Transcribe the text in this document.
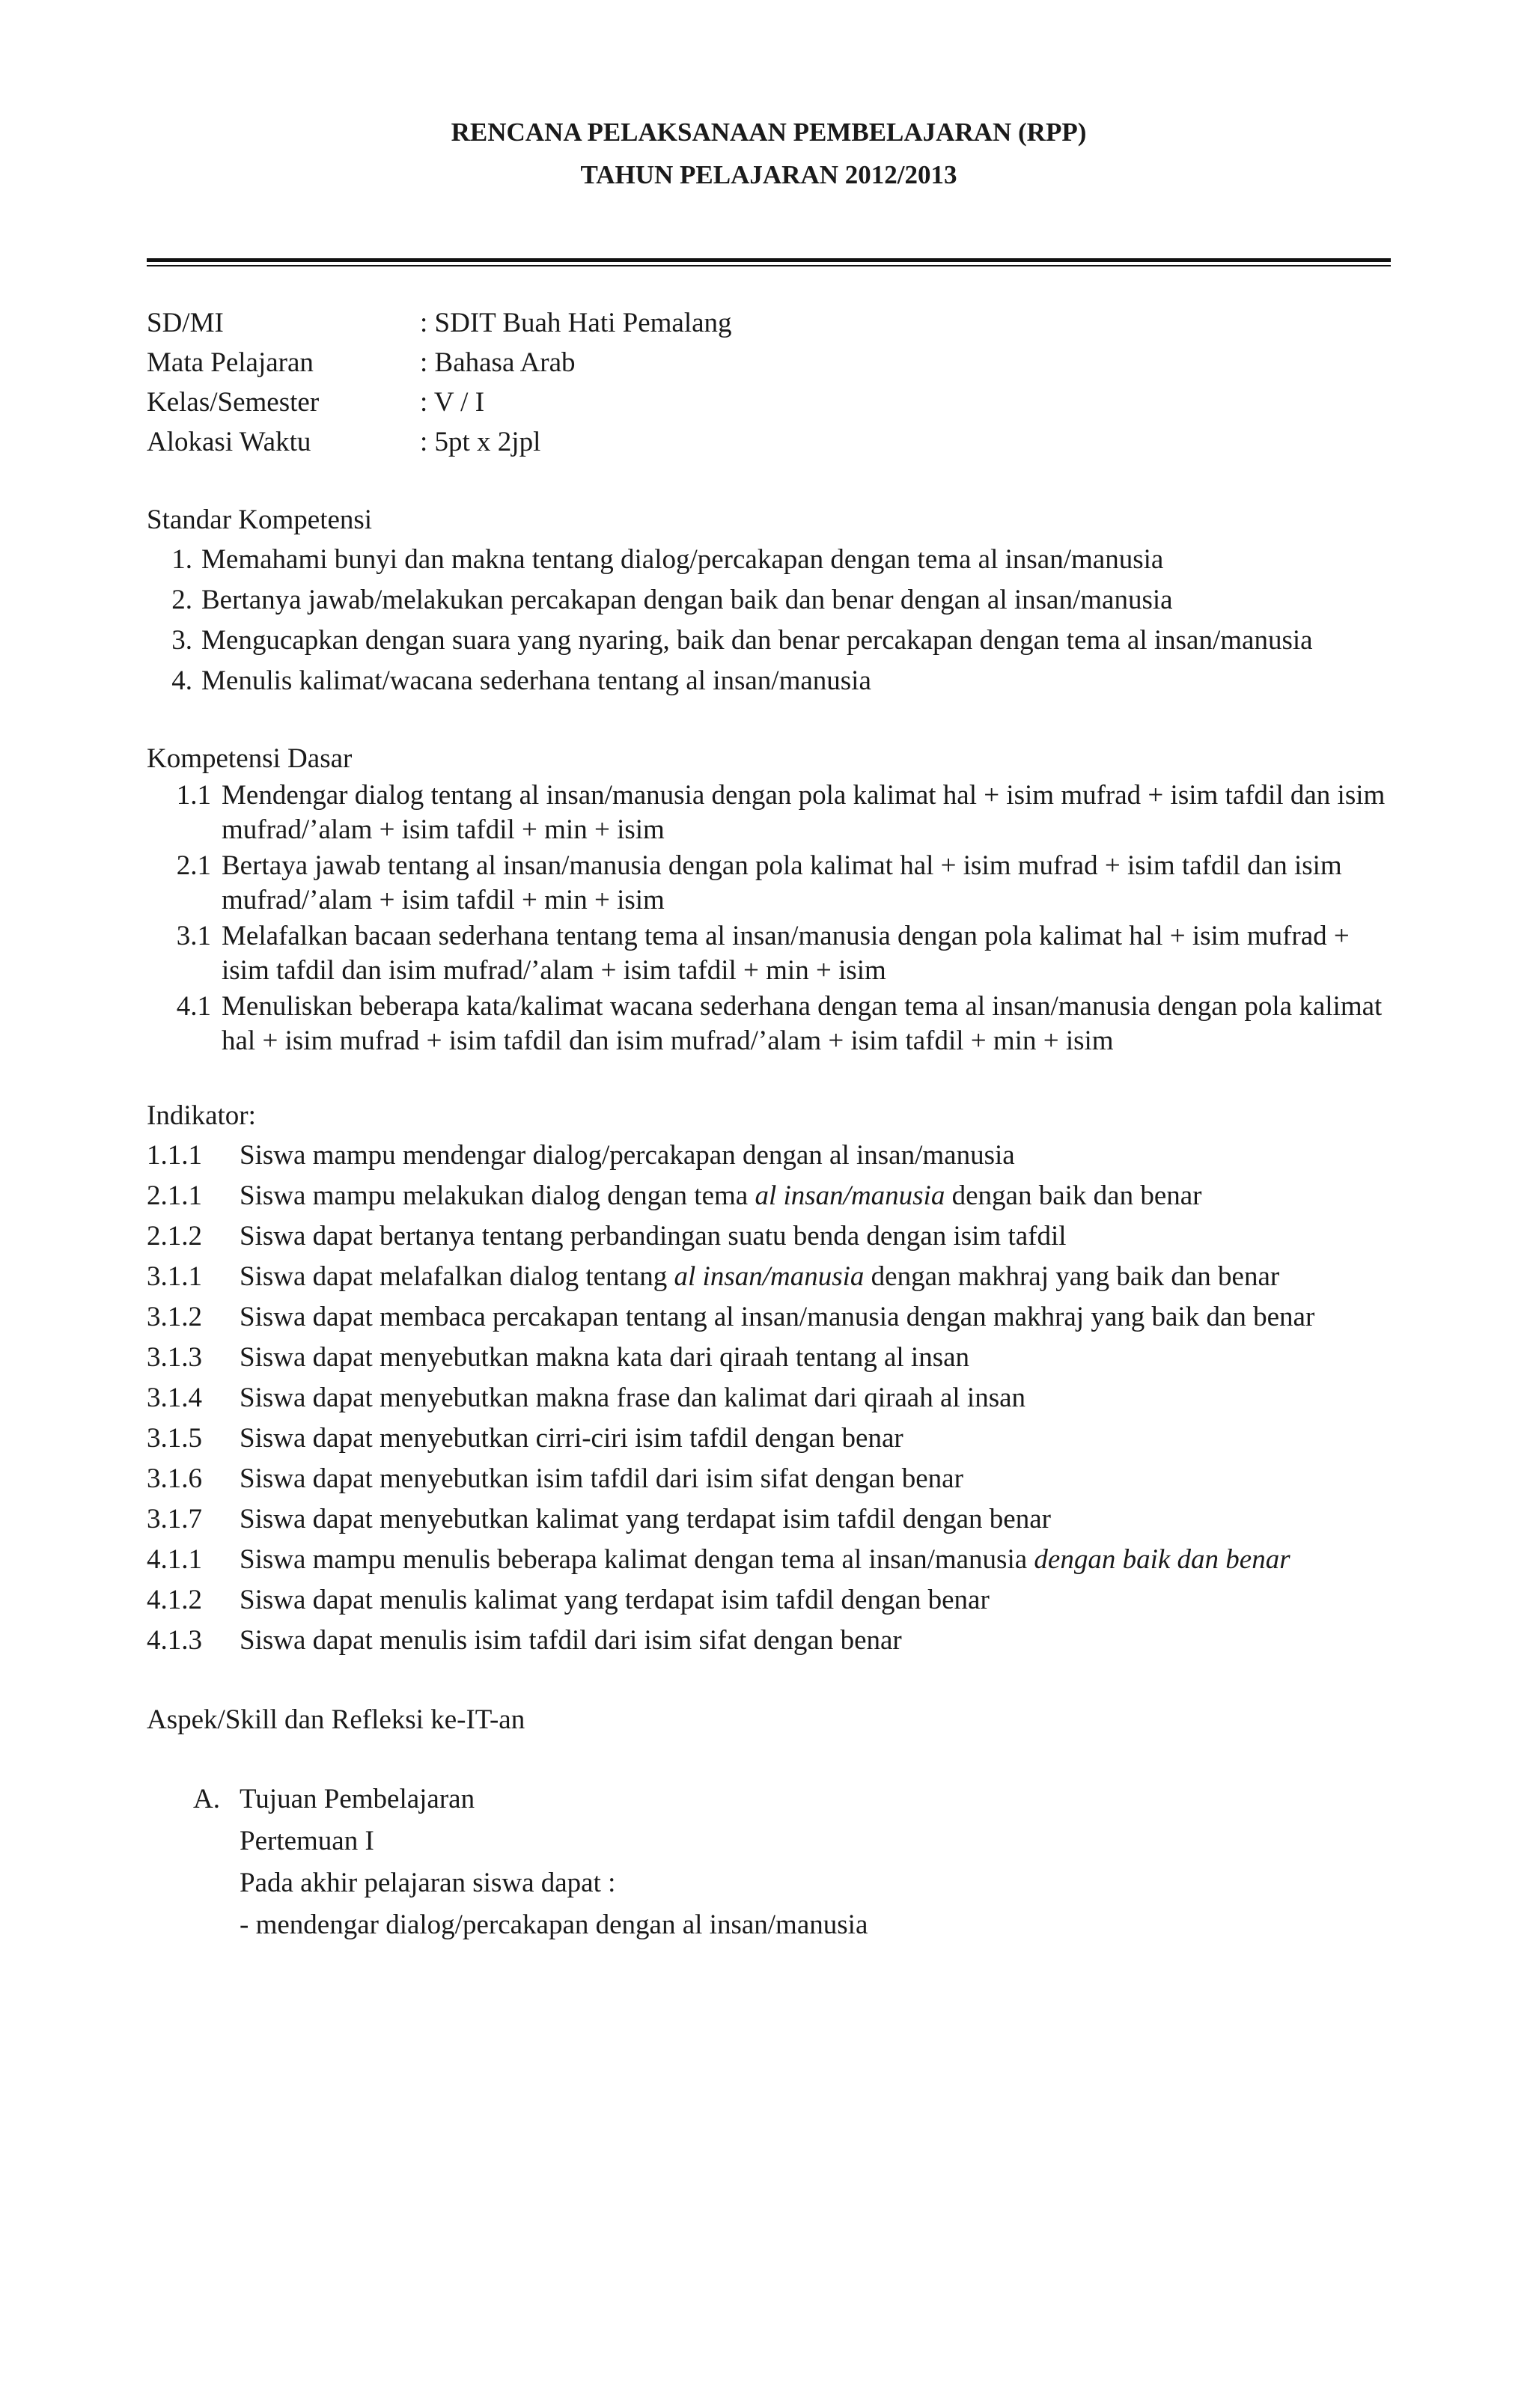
RENCANA PELAKSANAAN PEMBELAJARAN (RPP)

TAHUN PELAJARAN 2012/2013

SD/MI	: SDIT Buah Hati Pemalang
Mata Pelajaran	: Bahasa Arab
Kelas/Semester	: V / I
Alokasi Waktu	: 5pt x 2jpl
Standar Kompetensi
1. Memahami bunyi dan makna tentang dialog/percakapan dengan tema al insan/manusia
2. Bertanya jawab/melakukan percakapan dengan baik dan benar dengan al insan/manusia
3. Mengucapkan dengan suara yang nyaring, baik dan benar percakapan dengan tema al insan/manusia
4. Menulis kalimat/wacana sederhana tentang al insan/manusia
Kompetensi Dasar
1.1 Mendengar dialog tentang al insan/manusia dengan pola kalimat hal + isim mufrad + isim tafdil dan isim mufrad/’alam + isim tafdil + min + isim
2.1 Bertaya jawab tentang al insan/manusia dengan pola kalimat hal + isim mufrad + isim tafdil dan isim mufrad/’alam + isim tafdil + min + isim
3.1 Melafalkan bacaan sederhana tentang tema al insan/manusia dengan pola kalimat hal + isim mufrad + isim tafdil dan isim mufrad/’alam + isim tafdil + min + isim
4.1 Menuliskan beberapa kata/kalimat wacana sederhana dengan tema al insan/manusia dengan pola kalimat hal + isim mufrad + isim tafdil dan isim mufrad/’alam + isim tafdil + min + isim
Indikator:
1.1.1	Siswa mampu mendengar dialog/percakapan dengan al insan/manusia
2.1.1	Siswa mampu melakukan dialog dengan tema al insan/manusia dengan baik dan benar
2.1.2	Siswa dapat bertanya tentang perbandingan suatu benda dengan isim tafdil
3.1.1	Siswa dapat melafalkan dialog tentang al insan/manusia dengan makhraj yang baik dan benar
3.1.2	Siswa dapat membaca percakapan tentang al insan/manusia dengan makhraj yang baik dan benar
3.1.3	Siswa dapat menyebutkan makna kata dari qiraah tentang al insan
3.1.4	Siswa dapat menyebutkan makna frase dan kalimat dari qiraah al insan
3.1.5	Siswa dapat menyebutkan cirri-ciri isim tafdil dengan benar
3.1.6	Siswa dapat menyebutkan isim tafdil dari isim sifat dengan benar
3.1.7	Siswa dapat menyebutkan kalimat yang terdapat isim tafdil dengan benar
4.1.1	Siswa mampu menulis beberapa kalimat dengan tema al insan/manusia dengan baik dan benar
4.1.2	Siswa dapat menulis kalimat yang terdapat isim tafdil dengan benar
4.1.3	Siswa dapat menulis isim tafdil dari isim sifat dengan benar
Aspek/Skill dan Refleksi ke-IT-an
A. Tujuan Pembelajaran
Pertemuan I
Pada akhir pelajaran siswa dapat :
- mendengar dialog/percakapan dengan al insan/manusia
